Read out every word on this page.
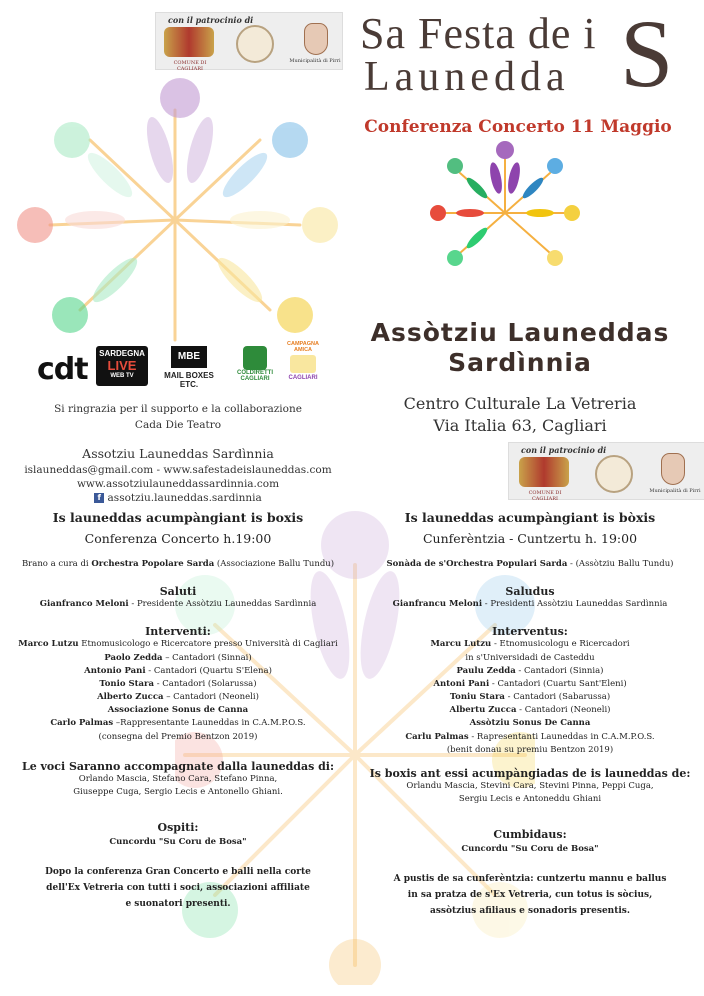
con il patrocinio di
COMUNE DI CAGLIARI
Municipalità di Pirri
Sa Festa de i
Launedda S
Conferenza Concerto 11 Maggio
cdt	SARDEGNA
LIVE
WEB TV
MBE
MAIL BOXES ETC.
COLDIRETTI
CAGLIARI
CAMPAGNA
AMICA
CAGLIARI
Assòtziu Launeddas
Sardìnnia
Centro Culturale La Vetreria
Via Italia 63, Cagliari
con il patrocinio di
COMUNE DI CAGLIARI
Municipalità di Pirri
Si ringrazia per il supporto e la collaborazione
Cada Die Teatro
Assotziu Launeddas Sardìnnia
islauneddas@gmail.com - www.safestadeislauneddas.com
www.assotziulauneddassardinnia.com
f assotziu.launeddas.sardinnia
Is launeddas acumpàngiant is boxis
Conferenza Concerto h.19:00
Brano a cura di Orchestra Popolare Sarda (Associazione Ballu Tundu)
Saluti
Gianfranco Meloni - Presidente Assòtziu Launeddas Sardìnnia
Interventi:
Marco Lutzu Etnomusicologo e Ricercatore presso Università di Cagliari
Paolo Zedda – Cantadori (Sinnai)
Antonio Pani - Cantadori (Quartu S'Elena)
Tonio Stara - Cantadori (Solarussa)
Alberto Zucca – Cantadori (Neoneli)
Associazione Sonus de Canna
Carlo Palmas –Rappresentante Launeddas in C.A.M.P.O.S.
(consegna del Premio Bentzon 2019)
Le voci Saranno accompagnate dalla launeddas di:
Orlando Mascia, Stefano Cara, Stefano Pinna,
Giuseppe Cuga, Sergio Lecis e Antonello Ghiani.
Ospiti:
Cuncordu "Su Coru de Bosa"
Dopo la conferenza Gran Concerto e balli nella corte
dell'Ex Vetreria con tutti i soci, associazioni affiliate
e suonatori presenti.
Is launeddas acumpàngiant is bòxis
Cunferèntzia - Cuntzertu h. 19:00
Sonàda de s'Orchestra Populari Sarda - (Assòtziu Ballu Tundu)
Saludus
Gianfrancu Meloni - Presidenti Assòtziu Launeddas Sardìnnia
Interventus:
Marcu Lutzu - Etnomusicologu e Ricercadori
in s'Universidadi de Casteddu
Paulu Zedda - Cantadori (Sinnia)
Antoni Pani - Cantadori (Cuartu Sant'Eleni)
Toniu Stara - Cantadori (Sabarussa)
Albertu Zucca - Cantadori (Neoneli)
Assòtziu Sonus De Canna
Carlu Palmas - Rapresentanti Launeddas in C.A.M.P.O.S.
(benit donau su premiu Bentzon 2019)
Is boxis ant essi acumpàngiadas de is launeddas de:
Orlandu Mascia, Stevini Cara, Stevini Pinna, Peppi Cuga,
Sergiu Lecis e Antoneddu Ghiani
Cumbidaus:
Cuncordu "Su Coru de Bosa"
A pustis de sa cunferèntzia: cuntzertu mannu e ballus
in sa pratza de s'Ex Vetreria, cun totus is sòcius,
assòtzius afiliaus e sonadoris presentis.
